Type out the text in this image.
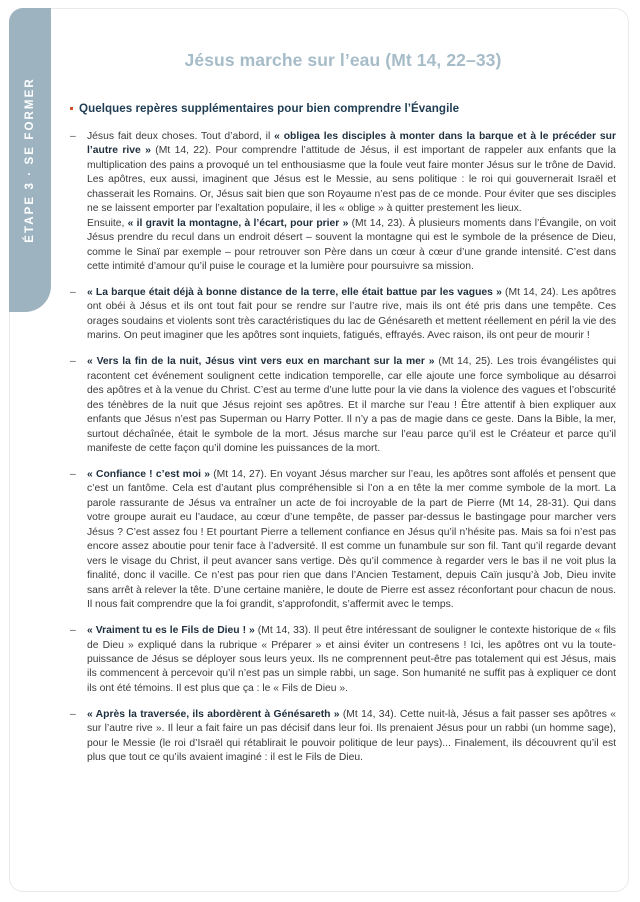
ÉTAPE 3 · SE FORMER
Jésus marche sur l’eau (Mt 14, 22–33)
Quelques repères supplémentaires pour bien comprendre l’Évangile
– Jésus fait deux choses. Tout d’abord, il « obligea les disciples à monter dans la barque et à le précéder sur l’autre rive » (Mt 14, 22). Pour comprendre l’attitude de Jésus, il est important de rappeler aux enfants que la multiplication des pains a provoqué un tel enthousiasme que la foule veut faire monter Jésus sur le trône de David. Les apôtres, eux aussi, imaginent que Jésus est le Messie, au sens politique : le roi qui gouvernerait Israël et chasserait les Romains. Or, Jésus sait bien que son Royaume n’est pas de ce monde. Pour éviter que ses disciples ne se laissent emporter par l’exaltation populaire, il les « oblige » à quitter prestement les lieux.
Ensuite, « il gravit la montagne, à l’écart, pour prier » (Mt 14, 23). À plusieurs moments dans l’Évangile, on voit Jésus prendre du recul dans un endroit désert – souvent la montagne qui est le symbole de la présence de Dieu, comme le Sinaï par exemple – pour retrouver son Père dans un cœur à cœur d’une grande intensité. C’est dans cette intimité d’amour qu’il puise le courage et la lumière pour poursuivre sa mission.
– « La barque était déjà à bonne distance de la terre, elle était battue par les vagues » (Mt 14, 24). Les apôtres ont obéi à Jésus et ils ont tout fait pour se rendre sur l’autre rive, mais ils ont été pris dans une tempête. Ces orages soudains et violents sont très caractéristiques du lac de Génésareth et mettent réellement en péril la vie des marins. On peut imaginer que les apôtres sont inquiets, fatigués, effrayés. Avec raison, ils ont peur de mourir !
– « Vers la fin de la nuit, Jésus vint vers eux en marchant sur la mer » (Mt 14, 25). Les trois évangélistes qui racontent cet événement soulignent cette indication temporelle, car elle ajoute une force symbolique au désarroi des apôtres et à la venue du Christ. C’est au terme d’une lutte pour la vie dans la violence des vagues et l’obscurité des ténèbres de la nuit que Jésus rejoint ses apôtres. Et il marche sur l’eau ! Être attentif à bien expliquer aux enfants que Jésus n’est pas Superman ou Harry Potter. Il n’y a pas de magie dans ce geste. Dans la Bible, la mer, surtout déchaînée, était le symbole de la mort. Jésus marche sur l’eau parce qu’il est le Créateur et parce qu’il manifeste de cette façon qu’il domine les puissances de la mort.
– « Confiance ! c’est moi » (Mt 14, 27). En voyant Jésus marcher sur l’eau, les apôtres sont affolés et pensent que c’est un fantôme. Cela est d’autant plus compréhensible si l’on a en tête la mer comme symbole de la mort. La parole rassurante de Jésus va entraîner un acte de foi incroyable de la part de Pierre (Mt 14, 28-31). Qui dans votre groupe aurait eu l’audace, au cœur d’une tempête, de passer par-dessus le bastingage pour marcher vers Jésus ? C’est assez fou ! Et pourtant Pierre a tellement confiance en Jésus qu’il n’hésite pas. Mais sa foi n’est pas encore assez aboutie pour tenir face à l’adversité. Il est comme un funambule sur son fil. Tant qu’il regarde devant vers le visage du Christ, il peut avancer sans vertige. Dès qu’il commence à regarder vers le bas il ne voit plus la finalité, donc il vacille. Ce n’est pas pour rien que dans l’Ancien Testament, depuis Caïn jusqu’à Job, Dieu invite sans arrêt à relever la tête. D’une certaine manière, le doute de Pierre est assez réconfortant pour chacun de nous. Il nous fait comprendre que la foi grandit, s’approfondit, s’affermit avec le temps.
– « Vraiment tu es le Fils de Dieu ! » (Mt 14, 33). Il peut être intéressant de souligner le contexte historique de « fils de Dieu » expliqué dans la rubrique « Préparer » et ainsi éviter un contresens ! Ici, les apôtres ont vu la toute-puissance de Jésus se déployer sous leurs yeux. Ils ne comprennent peut-être pas totalement qui est Jésus, mais ils commencent à percevoir qu’il n’est pas un simple rabbi, un sage. Son humanité ne suffit pas à expliquer ce dont ils ont été témoins. Il est plus que ça : le « Fils de Dieu ».
– « Après la traversée, ils abordèrent à Génésareth » (Mt 14, 34). Cette nuit-là, Jésus a fait passer ses apôtres « sur l’autre rive ». Il leur a fait faire un pas décisif dans leur foi. Ils prenaient Jésus pour un rabbi (un homme sage), pour le Messie (le roi d’Israël qui rétablirait le pouvoir politique de leur pays)... Finalement, ils découvrent qu’il est plus que tout ce qu’ils avaient imaginé : il est le Fils de Dieu.
